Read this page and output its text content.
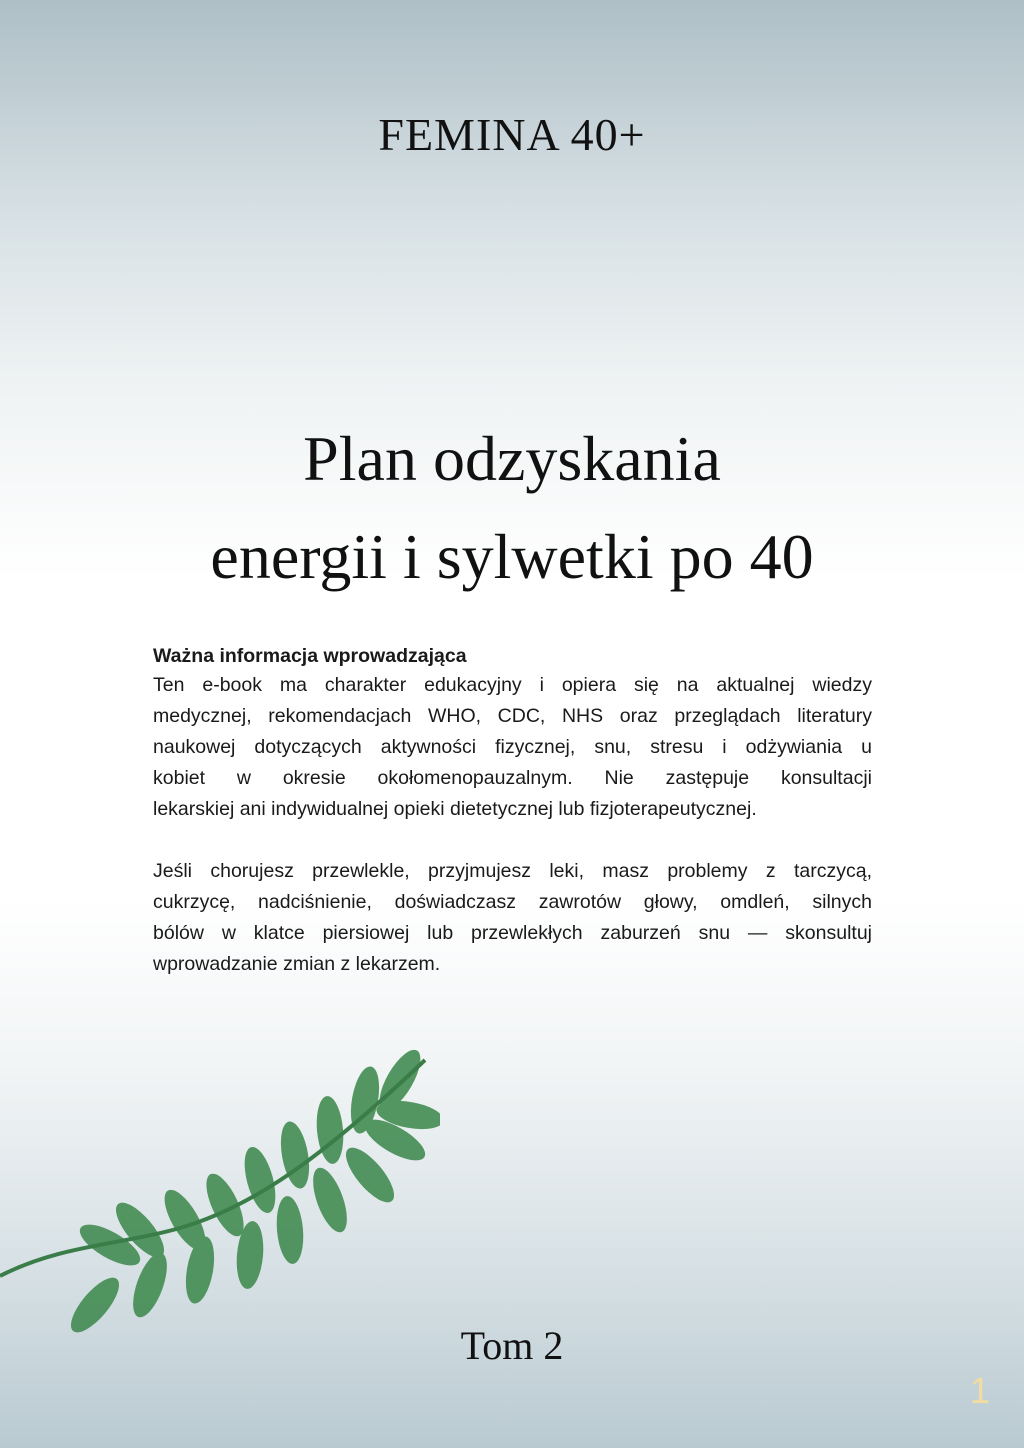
FEMINA 40+
Plan odzyskania
energii i sylwetki po 40
Ważna informacja wprowadzająca
Ten e-book ma charakter edukacyjny i opiera się na aktualnej wiedzy
medycznej, rekomendacjach WHO, CDC, NHS oraz przeglądach literatury
naukowej dotyczących aktywności fizycznej, snu, stresu i odżywiania u
kobiet w okresie okołomenopauzalnym. Nie zastępuje konsultacji
lekarskiej ani indywidualnej opieki dietetycznej lub fizjoterapeutycznej.
Jeśli chorujesz przewlekle, przyjmujesz leki, masz problemy z tarczycą,
cukrzycę, nadciśnienie, doświadczasz zawrotów głowy, omdleń, silnych
bólów w klatce piersiowej lub przewlekłych zaburzeń snu — skonsultuj
wprowadzanie zmian z lekarzem.
Tom 2
1
